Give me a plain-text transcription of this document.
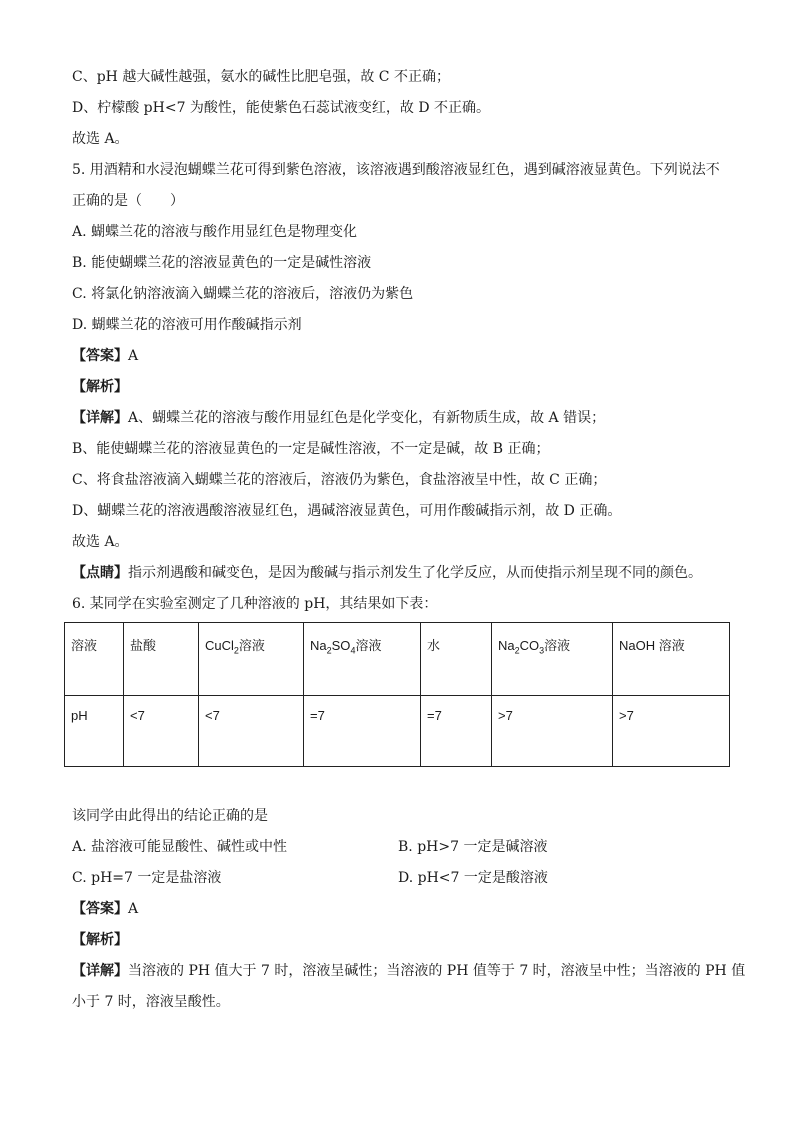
C、pH 越大碱性越强，氨水的碱性比肥皂强，故 C 不正确；
D、柠檬酸 pH<7 为酸性，能使紫色石蕊试液变红，故 D 不正确。
故选 A。
5. 用酒精和水浸泡蝴蝶兰花可得到紫色溶液，该溶液遇到酸溶液显红色，遇到碱溶液显黄色。下列说法不
正确的是（　　）
A. 蝴蝶兰花的溶液与酸作用显红色是物理变化
B. 能使蝴蝶兰花的溶液显黄色的一定是碱性溶液
C. 将氯化钠溶液滴入蝴蝶兰花的溶液后，溶液仍为紫色
D. 蝴蝶兰花的溶液可用作酸碱指示剂
【答案】A
【解析】
【详解】A、蝴蝶兰花的溶液与酸作用显红色是化学变化，有新物质生成，故 A 错误；
B、能使蝴蝶兰花的溶液显黄色的一定是碱性溶液，不一定是碱，故 B 正确；
C、将食盐溶液滴入蝴蝶兰花的溶液后，溶液仍为紫色，食盐溶液呈中性，故 C 正确；
D、蝴蝶兰花的溶液遇酸溶液显红色，遇碱溶液显黄色，可用作酸碱指示剂，故 D 正确。
故选 A。
【点睛】指示剂遇酸和碱变色，是因为酸碱与指示剂发生了化学反应，从而使指示剂呈现不同的颜色。
6. 某同学在实验室测定了几种溶液的 pH，其结果如下表：
溶液	盐酸	CuCl$_2$溶液	$Na_2SO_4$溶液	水	$Na_2CO_3$溶液	NaOH 溶液
pH	<7	<7	=7	=7	>7	>7
该同学由此得出的结论正确的是
A. 盐溶液可能显酸性、碱性或中性	B. pH>7 一定是碱溶液
C. pH=7 一定是盐溶液	D. pH<7 一定是酸溶液
【答案】A
【解析】
【详解】当溶液的 PH 值大于 7 时，溶液呈碱性；当溶液的 PH 值等于 7 时，溶液呈中性；当溶液的 PH 值
小于 7 时，溶液呈酸性。
